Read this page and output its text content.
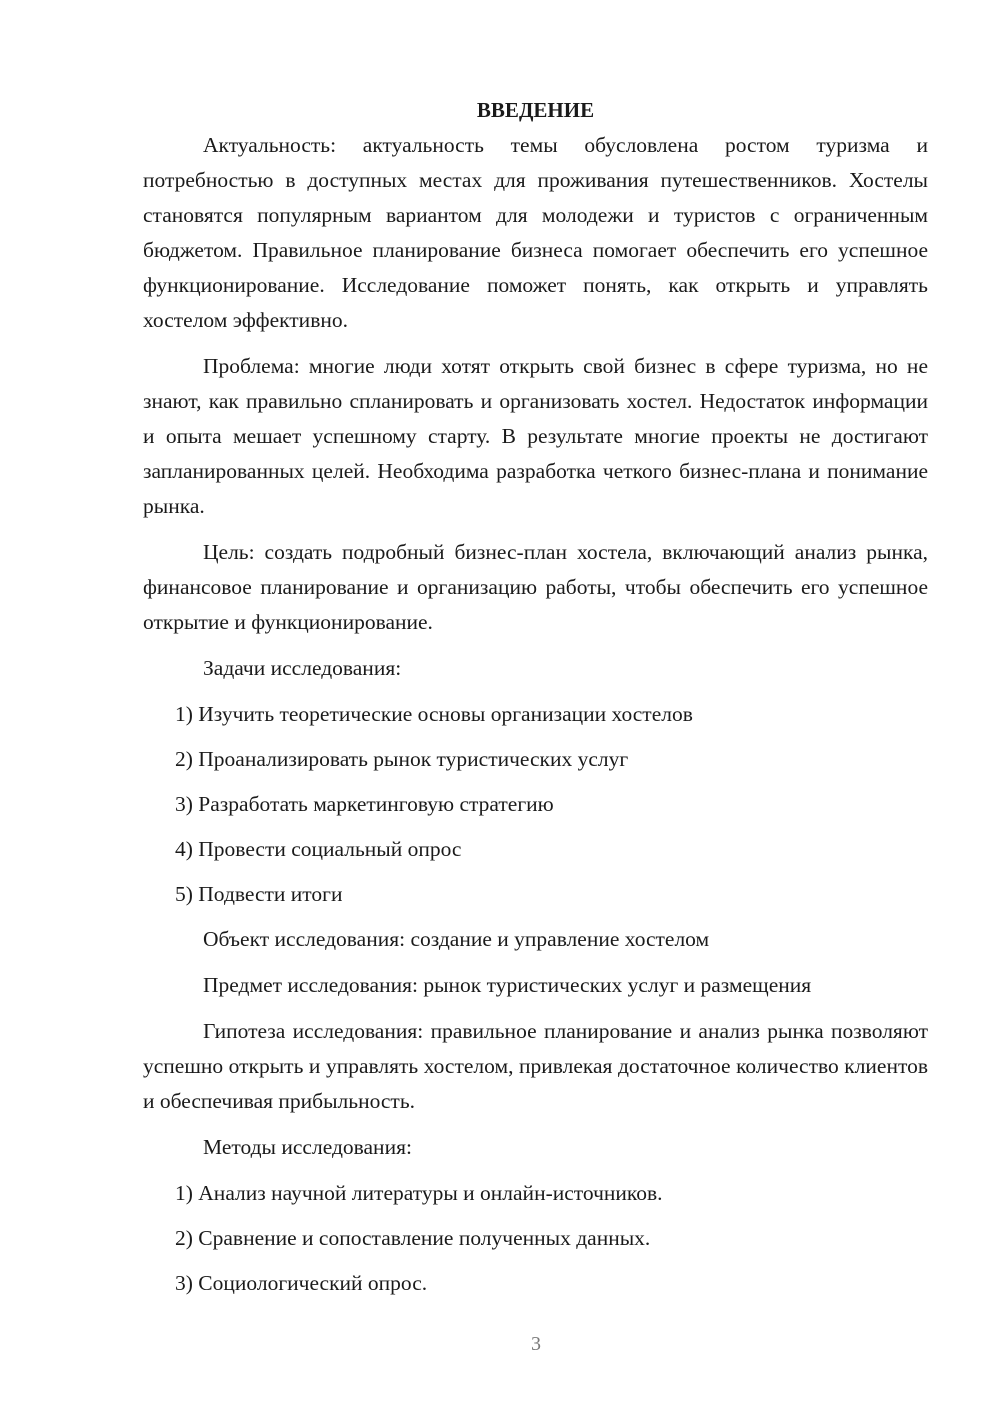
ВВЕДЕНИЕ

Актуальность: актуальность темы обусловлена ростом туризма и потребностью в доступных местах для проживания путешественников. Хостелы становятся популярным вариантом для молодежи и туристов с ограниченным бюджетом. Правильное планирование бизнеса помогает обеспечить его успешное функционирование. Исследование поможет понять, как открыть и управлять хостелом эффективно.

Проблема: многие люди хотят открыть свой бизнес в сфере туризма, но не знают, как правильно спланировать и организовать хостел. Недостаток информации и опыта мешает успешному старту. В результате многие проекты не достигают запланированных целей. Необходима разработка четкого бизнес-плана и понимание рынка.

Цель: создать подробный бизнес-план хостела, включающий анализ рынка, финансовое планирование и организацию работы, чтобы обеспечить его успешное открытие и функционирование.

Задачи исследования:

1) Изучить теоретические основы организации хостелов
2) Проанализировать рынок туристических услуг
3) Разработать маркетинговую стратегию
4) Провести социальный опрос
5) Подвести итоги

Объект исследования: создание и управление хостелом

Предмет исследования: рынок туристических услуг и размещения

Гипотеза исследования: правильное планирование и анализ рынка позволяют успешно открыть и управлять хостелом, привлекая достаточное количество клиентов и обеспечивая прибыльность.

Методы исследования:

1) Анализ научной литературы и онлайн-источников.
2) Сравнение и сопоставление полученных данных.
3) Социологический опрос.
3
